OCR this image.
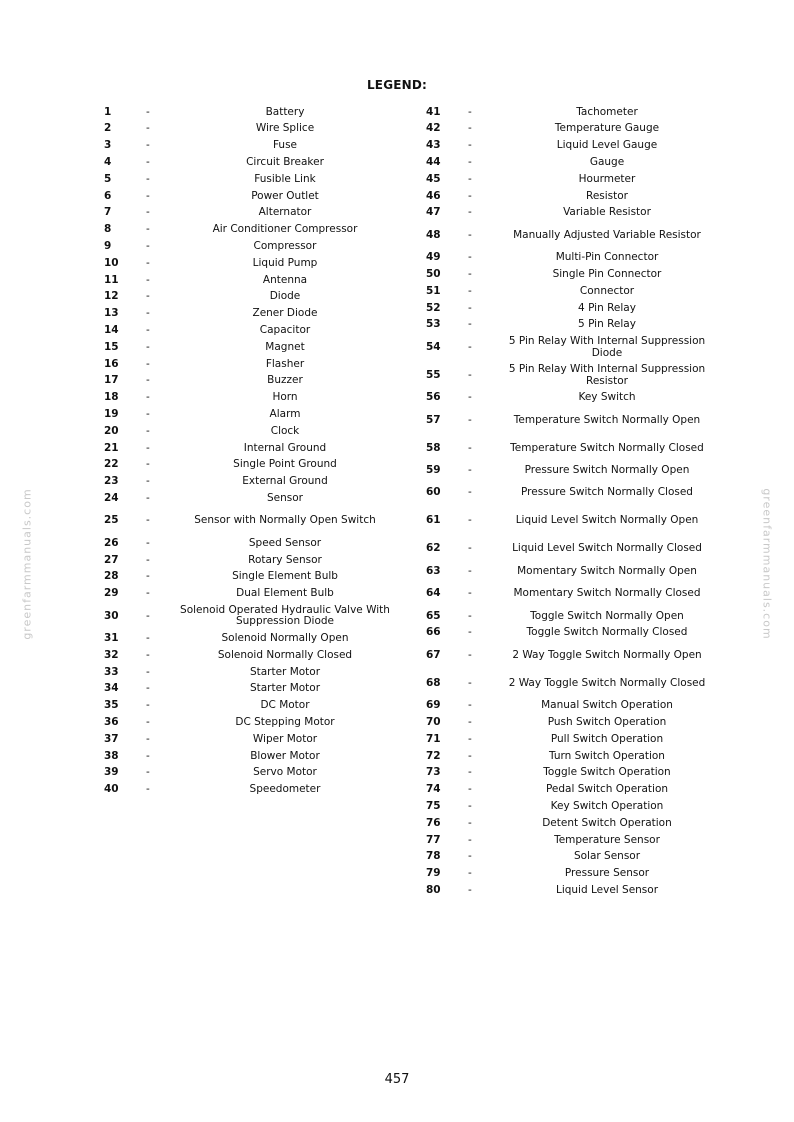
LEGEND:
greenfarmmanuals.com	greenfarmmanuals.com
1	-	Battery
2	-	Wire Splice
3	-	Fuse
4	-	Circuit Breaker
5	-	Fusible Link
6	-	Power Outlet
7	-	Alternator
8	-	Air Conditioner Compressor
9	-	Compressor
10	-	Liquid Pump
11	-	Antenna
12	-	Diode
13	-	Zener Diode
14	-	Capacitor
15	-	Magnet
16	-	Flasher
17	-	Buzzer
18	-	Horn
19	-	Alarm
20	-	Clock
21	-	Internal Ground
22	-	Single Point Ground
23	-	External Ground
24	-	Sensor
25	-	Sensor with Normally Open Switch
26	-	Speed Sensor
27	-	Rotary Sensor
28	-	Single Element Bulb
29	-	Dual Element Bulb
30	-	Solenoid Operated Hydraulic Valve With Suppression Diode
31	-	Solenoid Normally Open
32	-	Solenoid Normally Closed
33	-	Starter Motor
34	-	Starter Motor
35	-	DC Motor
36	-	DC Stepping Motor
37	-	Wiper Motor
38	-	Blower Motor
39	-	Servo Motor
40	-	Speedometer
41	-	Tachometer
42	-	Temperature Gauge
43	-	Liquid Level Gauge
44	-	Gauge
45	-	Hourmeter
46	-	Resistor
47	-	Variable Resistor
48	-	Manually Adjusted Variable Resistor
49	-	Multi-Pin Connector
50	-	Single Pin Connector
51	-	Connector
52	-	4 Pin Relay
53	-	5 Pin Relay
54	-	5 Pin Relay With Internal Suppression Diode
55	-	5 Pin Relay With Internal Suppression Resistor
56	-	Key Switch
57	-	Temperature Switch Normally Open
58	-	Temperature Switch Normally Closed
59	-	Pressure Switch Normally Open
60	-	Pressure Switch Normally Closed
61	-	Liquid Level Switch Normally Open
62	-	Liquid Level Switch Normally Closed
63	-	Momentary Switch Normally Open
64	-	Momentary Switch Normally Closed
65	-	Toggle Switch Normally Open
66	-	Toggle Switch Normally Closed
67	-	2 Way Toggle Switch Normally Open
68	-	2 Way Toggle Switch Normally Closed
69	-	Manual Switch Operation
70	-	Push Switch Operation
71	-	Pull Switch Operation
72	-	Turn Switch Operation
73	-	Toggle Switch Operation
74	-	Pedal Switch Operation
75	-	Key Switch Operation
76	-	Detent Switch Operation
77	-	Temperature Sensor
78	-	Solar Sensor
79	-	Pressure Sensor
80	-	Liquid Level Sensor
457
